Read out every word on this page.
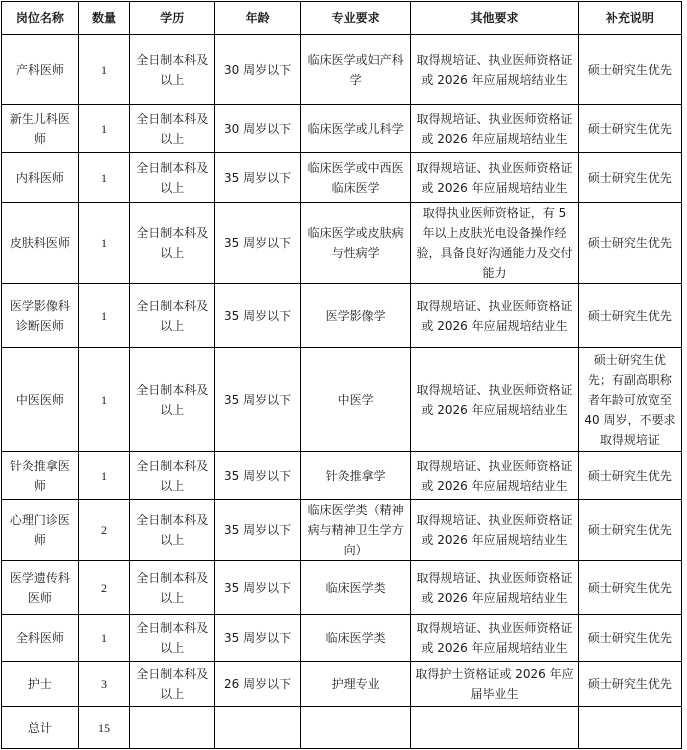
岗位名称	数量	学历	年龄	专业要求	其他要求	补充说明
产科医师	1	全日制本科及以上	30 周岁以下	临床医学或妇产科学	取得规培证、执业医师资格证或 2026 年应届规培结业生	硕士研究生优先
新生儿科医师	1	全日制本科及以上	30 周岁以下	临床医学或儿科学	取得规培证、执业医师资格证或 2026 年应届规培结业生	硕士研究生优先
内科医师	1	全日制本科及以上	35 周岁以下	临床医学或中西医临床医学	取得规培证、执业医师资格证或 2026 年应届规培结业生	硕士研究生优先
皮肤科医师	1	全日制本科及以上	35 周岁以下	临床医学或皮肤病与性病学	取得执业医师资格证，有 5 年以上皮肤光电设备操作经验，具备良好沟通能力及交付能力	硕士研究生优先
医学影像科诊断医师	1	全日制本科及以上	35 周岁以下	医学影像学	取得规培证、执业医师资格证或 2026 年应届规培结业生	硕士研究生优先
中医医师	1	全日制本科及以上	35 周岁以下	中医学	取得规培证、执业医师资格证或 2026 年应届规培结业生	硕士研究生优先；有副高职称者年龄可放宽至 40 周岁，不要求取得规培证
针灸推拿医师	1	全日制本科及以上	35 周岁以下	针灸推拿学	取得规培证、执业医师资格证或 2026 年应届规培结业生	硕士研究生优先
心理门诊医师	2	全日制本科及以上	35 周岁以下	临床医学类（精神病与精神卫生学方向）	取得规培证、执业医师资格证或 2026 年应届规培结业生	硕士研究生优先
医学遗传科医师	2	全日制本科及以上	35 周岁以下	临床医学类	取得规培证、执业医师资格证或 2026 年应届规培结业生	硕士研究生优先
全科医师	1	全日制本科及以上	35 周岁以下	临床医学类	取得规培证、执业医师资格证或 2026 年应届规培结业生	硕士研究生优先
护士	3	全日制本科及以上	26 周岁以下	护理专业	取得护士资格证或 2026 年应届毕业生	硕士研究生优先
总计	15					
